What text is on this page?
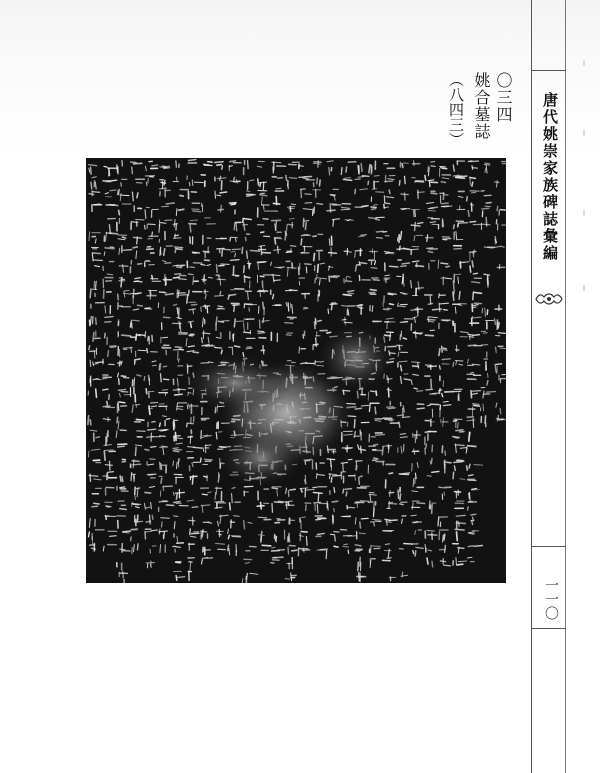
〇三四
姚合墓誌
（八四三）	唐代姚崇家族碑誌彙編
一一〇
